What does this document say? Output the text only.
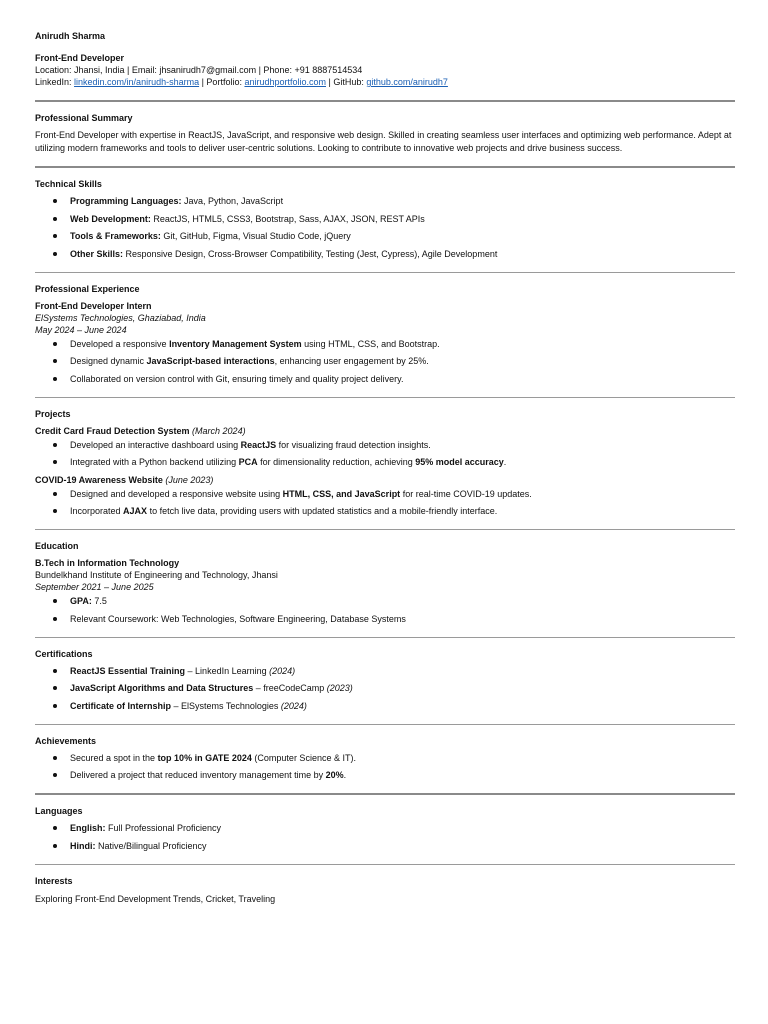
Anirudh Sharma
Front-End Developer
Location: Jhansi, India | Email: jhsanirudh7@gmail.com | Phone: +91 8887514534
LinkedIn: linkedin.com/in/anirudh-sharma | Portfolio: anirudhportfolio.com | GitHub: github.com/anirudh7
Professional Summary
Front-End Developer with expertise in ReactJS, JavaScript, and responsive web design. Skilled in creating seamless user interfaces and optimizing web performance. Adept at utilizing modern frameworks and tools to deliver user-centric solutions. Looking to contribute to innovative web projects and drive business success.
Technical Skills
Programming Languages: Java, Python, JavaScript
Web Development: ReactJS, HTML5, CSS3, Bootstrap, Sass, AJAX, JSON, REST APIs
Tools & Frameworks: Git, GitHub, Figma, Visual Studio Code, jQuery
Other Skills: Responsive Design, Cross-Browser Compatibility, Testing (Jest, Cypress), Agile Development
Professional Experience
Front-End Developer Intern
ElSystems Technologies, Ghaziabad, India
May 2024 – June 2024
Developed a responsive Inventory Management System using HTML, CSS, and Bootstrap.
Designed dynamic JavaScript-based interactions, enhancing user engagement by 25%.
Collaborated on version control with Git, ensuring timely and quality project delivery.
Projects
Credit Card Fraud Detection System (March 2024)
Developed an interactive dashboard using ReactJS for visualizing fraud detection insights.
Integrated with a Python backend utilizing PCA for dimensionality reduction, achieving 95% model accuracy.
COVID-19 Awareness Website (June 2023)
Designed and developed a responsive website using HTML, CSS, and JavaScript for real-time COVID-19 updates.
Incorporated AJAX to fetch live data, providing users with updated statistics and a mobile-friendly interface.
Education
B.Tech in Information Technology
Bundelkhand Institute of Engineering and Technology, Jhansi
September 2021 – June 2025
GPA: 7.5
Relevant Coursework: Web Technologies, Software Engineering, Database Systems
Certifications
ReactJS Essential Training – LinkedIn Learning (2024)
JavaScript Algorithms and Data Structures – freeCodeCamp (2023)
Certificate of Internship – ElSystems Technologies (2024)
Achievements
Secured a spot in the top 10% in GATE 2024 (Computer Science & IT).
Delivered a project that reduced inventory management time by 20%.
Languages
English: Full Professional Proficiency
Hindi: Native/Bilingual Proficiency
Interests
Exploring Front-End Development Trends, Cricket, Traveling
